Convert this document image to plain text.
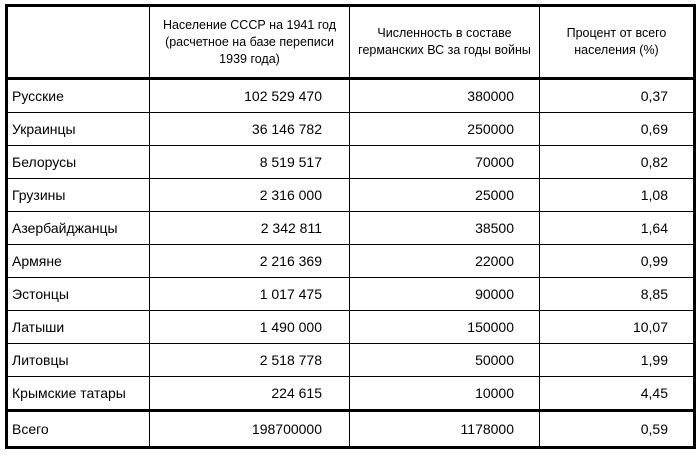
	Население СССР на 1941 год (расчетное на базе переписи 1939 года)	Численность в составе германских ВС за годы войны	Процент от всего населения (%)
Русские	102 529 470	380000	0,37
Украинцы	36 146 782	250000	0,69
Белорусы	8 519 517	70000	0,82
Грузины	2 316 000	25000	1,08
Азербайджанцы	2 342 811	38500	1,64
Армяне	2 216 369	22000	0,99
Эстонцы	1 017 475	90000	8,85
Латыши	1 490 000	150000	10,07
Литовцы	2 518 778	50000	1,99
Крымские татары	224 615	10000	4,45
Всего	198700000	1178000	0,59
